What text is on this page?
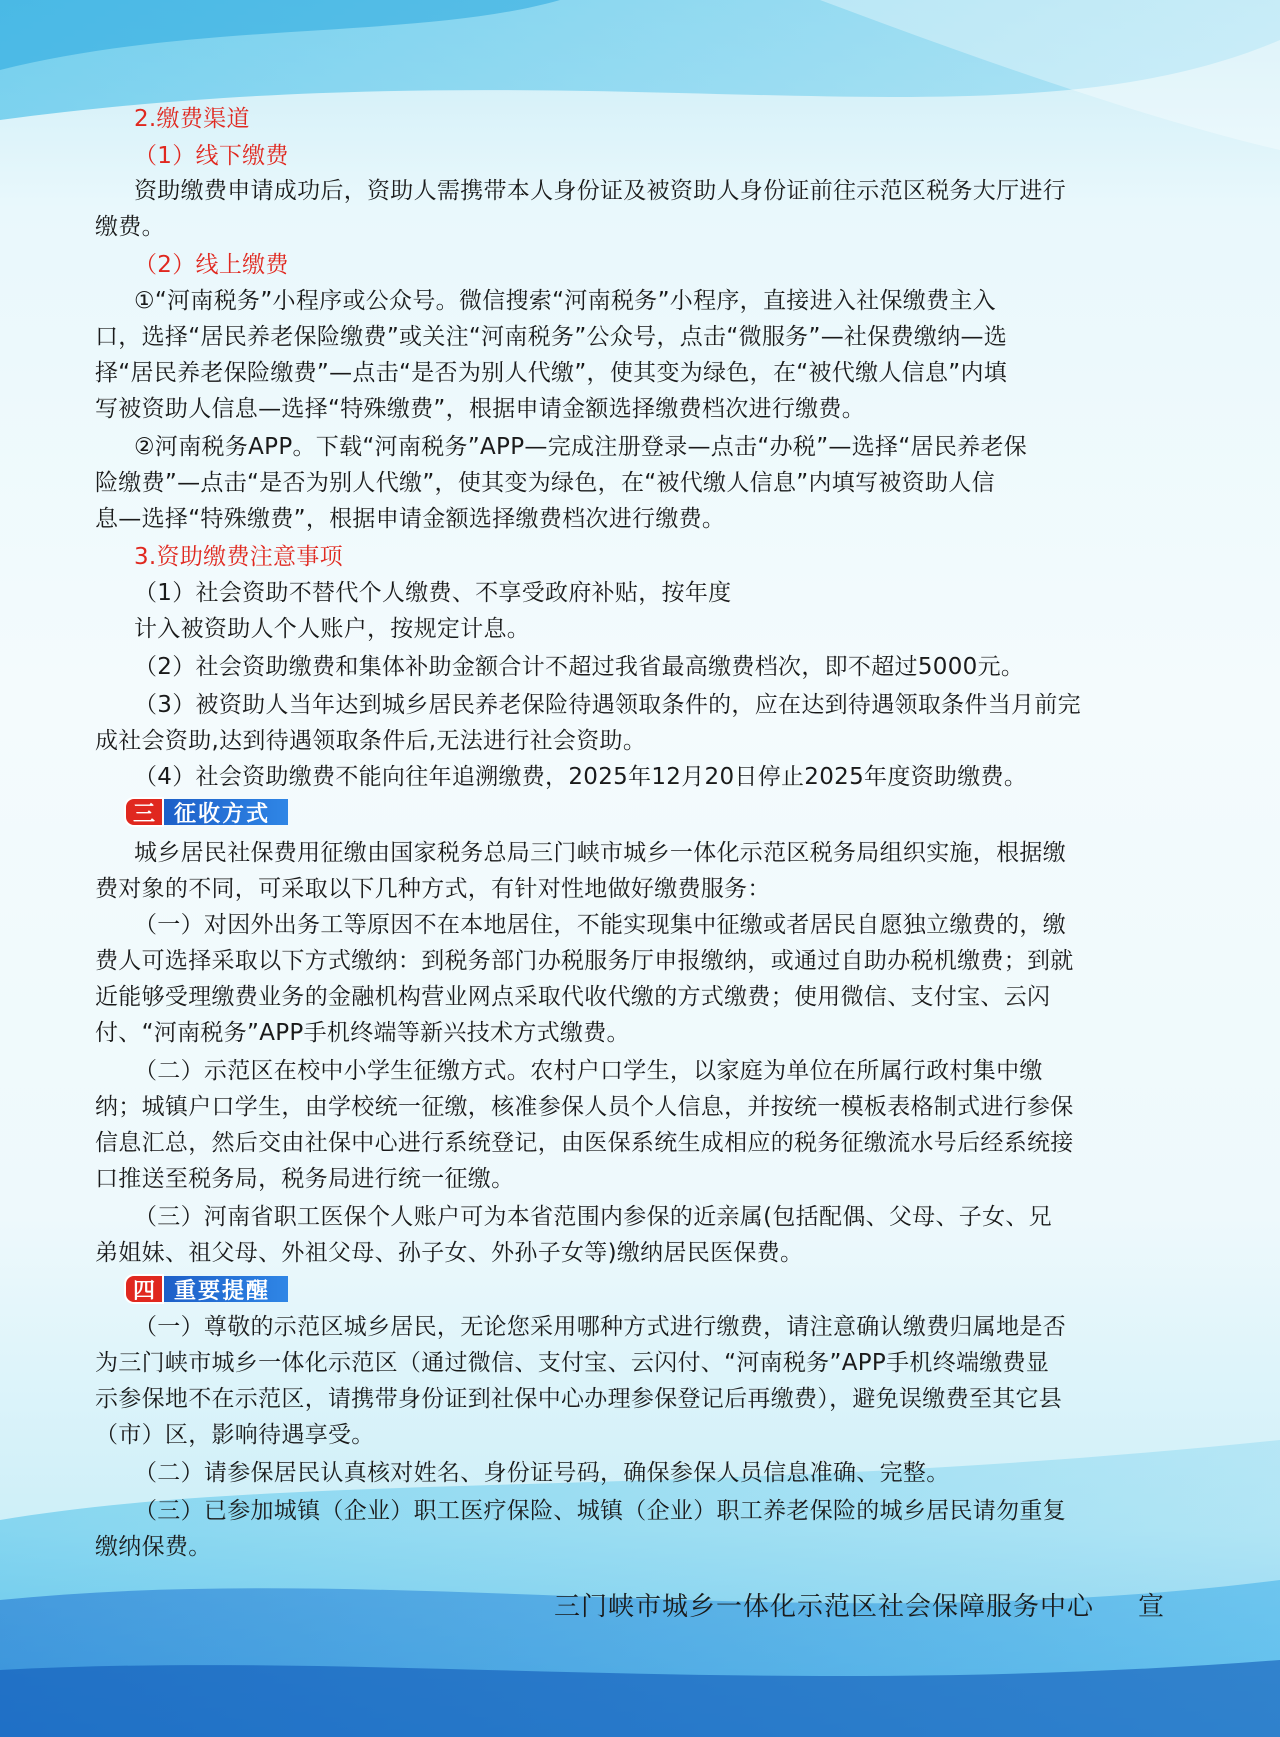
2.缴费渠道
（1）线下缴费
资助缴费申请成功后，资助人需携带本人身份证及被资助人身份证前往示范区税务大厅进行
缴费。
（2）线上缴费
①“河南税务”小程序或公众号。微信搜索“河南税务”小程序，直接进入社保缴费主入
口，选择“居民养老保险缴费”或关注“河南税务”公众号，点击“微服务”—社保费缴纳—选
择“居民养老保险缴费”—点击“是否为别人代缴”，使其变为绿色，在“被代缴人信息”内填
写被资助人信息—选择“特殊缴费”，根据申请金额选择缴费档次进行缴费。
②河南税务APP。下载“河南税务”APP—完成注册登录—点击“办税”—选择“居民养老保
险缴费”—点击“是否为别人代缴”，使其变为绿色，在“被代缴人信息”内填写被资助人信
息—选择“特殊缴费”，根据申请金额选择缴费档次进行缴费。
3.资助缴费注意事项
（1）社会资助不替代个人缴费、不享受政府补贴，按年度
计入被资助人个人账户，按规定计息。
（2）社会资助缴费和集体补助金额合计不超过我省最高缴费档次，即不超过5000元。
（3）被资助人当年达到城乡居民养老保险待遇领取条件的，应在达到待遇领取条件当月前完
成社会资助,达到待遇领取条件后,无法进行社会资助。
（4）社会资助缴费不能向往年追溯缴费，2025年12月20日停止2025年度资助缴费。
三 征收方式
城乡居民社保费用征缴由国家税务总局三门峡市城乡一体化示范区税务局组织实施，根据缴
费对象的不同，可采取以下几种方式，有针对性地做好缴费服务：
（一）对因外出务工等原因不在本地居住，不能实现集中征缴或者居民自愿独立缴费的，缴
费人可选择采取以下方式缴纳：到税务部门办税服务厅申报缴纳，或通过自助办税机缴费；到就
近能够受理缴费业务的金融机构营业网点采取代收代缴的方式缴费；使用微信、支付宝、云闪
付、“河南税务”APP手机终端等新兴技术方式缴费。
（二）示范区在校中小学生征缴方式。农村户口学生，以家庭为单位在所属行政村集中缴
纳；城镇户口学生，由学校统一征缴，核准参保人员个人信息，并按统一模板表格制式进行参保
信息汇总，然后交由社保中心进行系统登记，由医保系统生成相应的税务征缴流水号后经系统接
口推送至税务局，税务局进行统一征缴。
（三）河南省职工医保个人账户可为本省范围内参保的近亲属(包括配偶、父母、子女、兄
弟姐妹、祖父母、外祖父母、孙子女、外孙子女等)缴纳居民医保费。
四 重要提醒
（一）尊敬的示范区城乡居民，无论您采用哪种方式进行缴费，请注意确认缴费归属地是否
为三门峡市城乡一体化示范区（通过微信、支付宝、云闪付、“河南税务”APP手机终端缴费显
示参保地不在示范区，请携带身份证到社保中心办理参保登记后再缴费），避免误缴费至其它县
（市）区，影响待遇享受。
（二）请参保居民认真核对姓名、身份证号码，确保参保人员信息准确、完整。
（三）已参加城镇（企业）职工医疗保险、城镇（企业）职工养老保险的城乡居民请勿重复
缴纳保费。
三门峡市城乡一体化示范区社会保障服务中心 宣
